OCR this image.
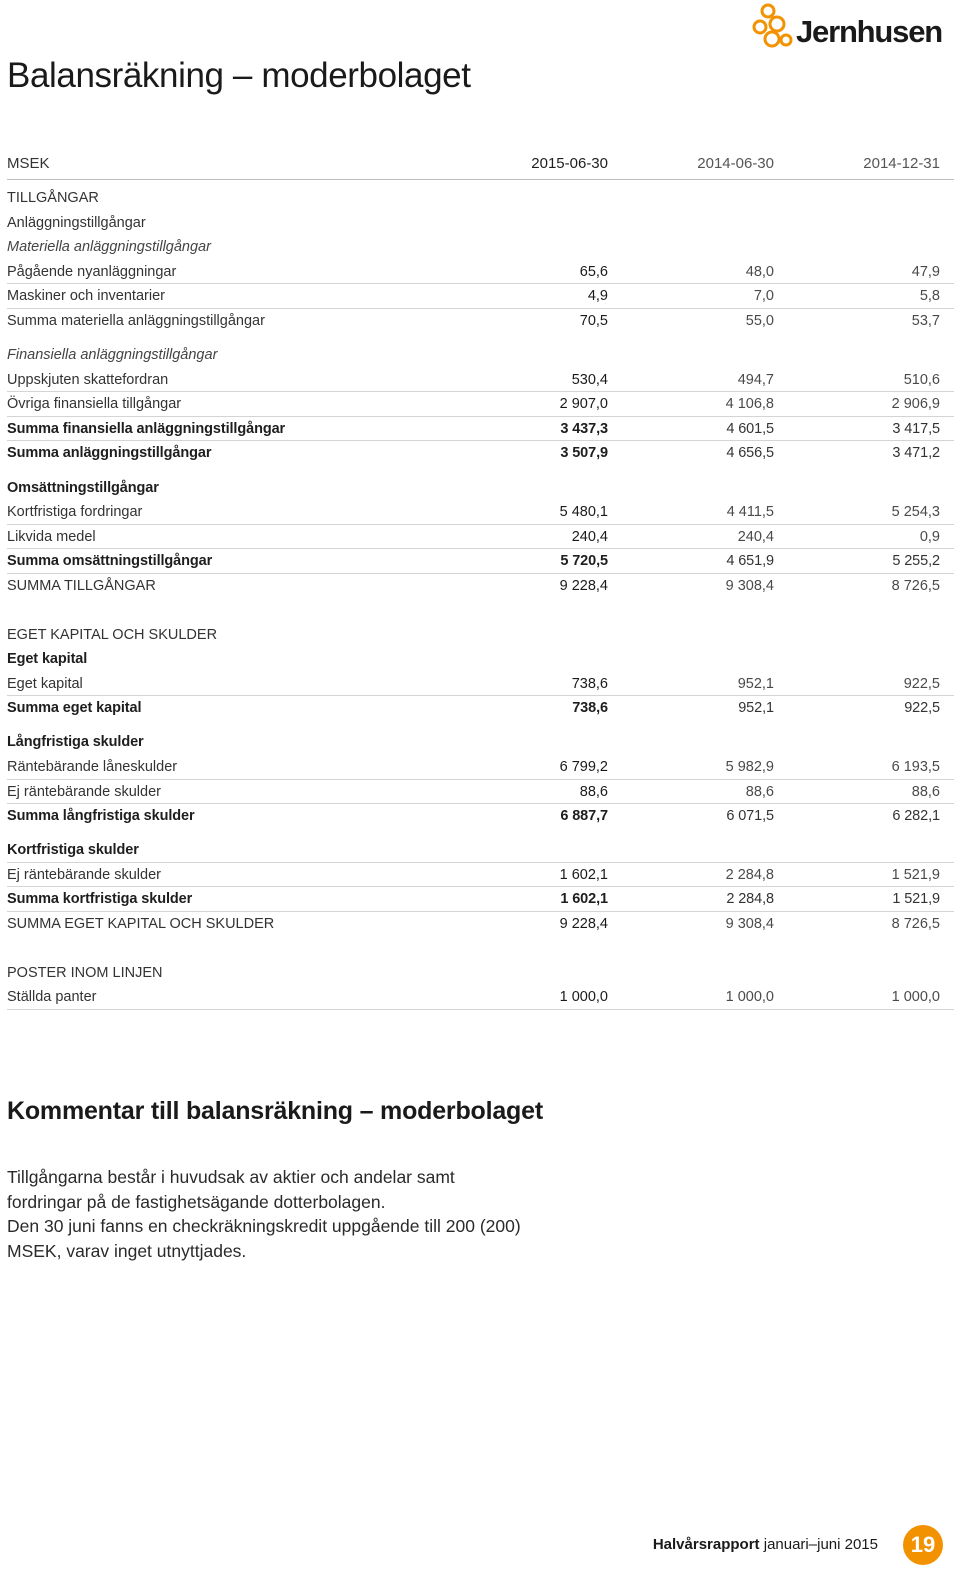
Jernhusen
Balansräkning – moderbolaget
MSEK	2015-06-30	2014-06-30	2014-12-31
TILLGÅNGAR
Anläggningstillgångar
Materiella anläggningstillgångar
Pågående nyanläggningar	65,6	48,0	47,9
Maskiner och inventarier	4,9	7,0	5,8
Summa materiella anläggningstillgångar	70,5	55,0	53,7
Finansiella anläggningstillgångar
Uppskjuten skattefordran	530,4	494,7	510,6
Övriga finansiella tillgångar	2 907,0	4 106,8	2 906,9
Summa finansiella anläggningstillgångar	3 437,3	4 601,5	3 417,5
Summa anläggningstillgångar	3 507,9	4 656,5	3 471,2
Omsättningstillgångar
Kortfristiga fordringar	5 480,1	4 411,5	5 254,3
Likvida medel	240,4	240,4	0,9
Summa omsättningstillgångar	5 720,5	4 651,9	5 255,2
SUMMA TILLGÅNGAR	9 228,4	9 308,4	8 726,5
EGET KAPITAL OCH SKULDER
Eget kapital
Eget kapital	738,6	952,1	922,5
Summa eget kapital	738,6	952,1	922,5
Långfristiga skulder
Räntebärande låneskulder	6 799,2	5 982,9	6 193,5
Ej räntebärande skulder	88,6	88,6	88,6
Summa långfristiga skulder	6 887,7	6 071,5	6 282,1
Kortfristiga skulder
Ej räntebärande skulder	1 602,1	2 284,8	1 521,9
Summa kortfristiga skulder	1 602,1	2 284,8	1 521,9
SUMMA EGET KAPITAL OCH SKULDER	9 228,4	9 308,4	8 726,5
POSTER INOM LINJEN
Ställda panter	1 000,0	1 000,0	1 000,0
Kommentar till balansräkning – moderbolaget

Tillgångarna består i huvudsak av aktier och andelar samt fordringar på de fastighetsägande dotterbolagen.

Den 30 juni fanns en checkräkningskredit uppgående till 200 (200) MSEK, varav inget utnyttjades.

Halvårsrapport januari–juni 2015	19
